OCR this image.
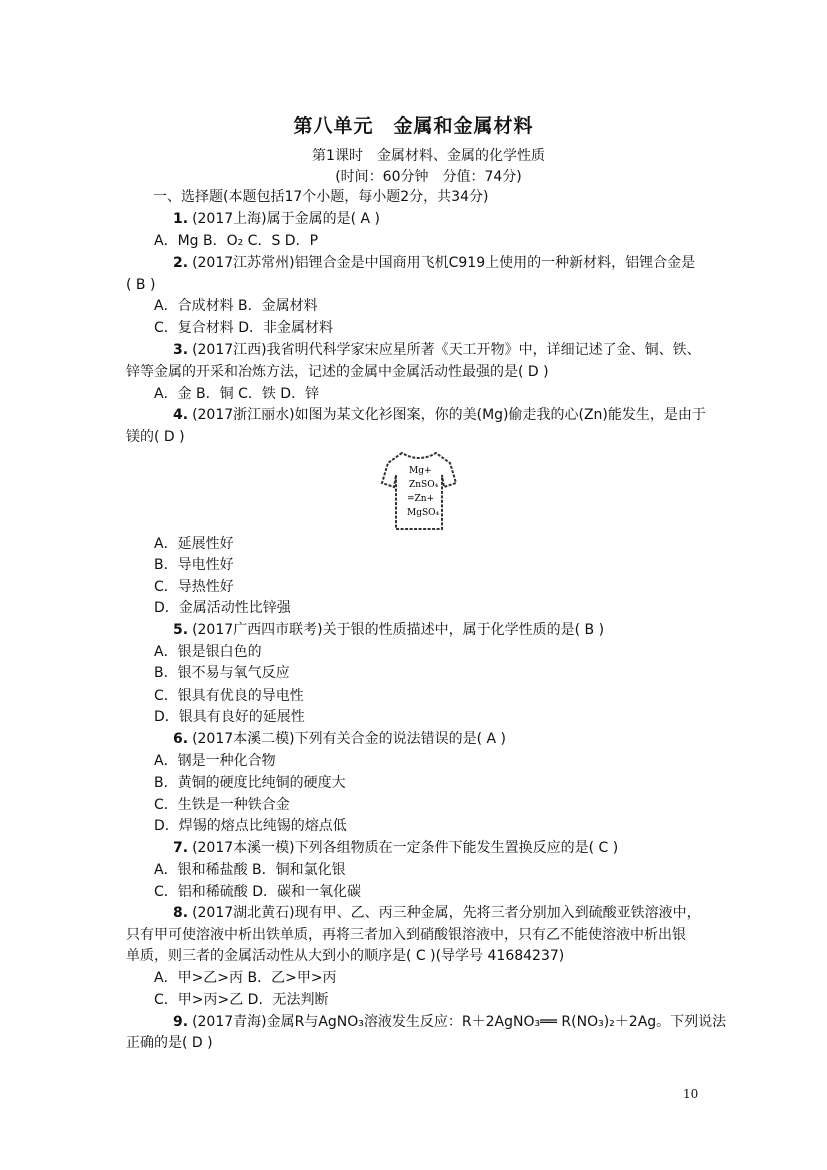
第八单元　金属和金属材料
第1课时　金属材料、金属的化学性质
(时间：60分钟　分值：74分)
一、选择题(本题包括17个小题，每小题2分，共34分)
1. (2017上海)属于金属的是( A )
A．Mg B．O₂ C．S D．P
2. (2017江苏常州)铝锂合金是中国商用飞机C919上使用的一种新材料，铝锂合金是
( B )
A．合成材料 B．金属材料
C．复合材料 D．非金属材料
3. (2017江西)我省明代科学家宋应星所著《天工开物》中，详细记述了金、铜、铁、
锌等金属的开采和冶炼方法，记述的金属中金属活动性最强的是( D )
A．金 B．铜 C．铁 D．锌
4. (2017浙江丽水)如图为某文化衫图案，你的美(Mg)偷走我的心(Zn)能发生，是由于
镁的( D )
A．延展性好
B．导电性好
C．导热性好
D．金属活动性比锌强
5. (2017广西四市联考)关于银的性质描述中，属于化学性质的是( B )
A．银是银白色的
B．银不易与氧气反应
C．银具有优良的导电性
D．银具有良好的延展性
6. (2017本溪二模)下列有关合金的说法错误的是( A )
A．钢是一种化合物
B．黄铜的硬度比纯铜的硬度大
C．生铁是一种铁合金
D．焊锡的熔点比纯锡的熔点低
7. (2017本溪一模)下列各组物质在一定条件下能发生置换反应的是( C )
A．银和稀盐酸 B．铜和氯化银
C．铝和稀硫酸 D．碳和一氧化碳
8. (2017湖北黄石)现有甲、乙、丙三种金属，先将三者分别加入到硫酸亚铁溶液中，
只有甲可使溶液中析出铁单质，再将三者加入到硝酸银溶液中，只有乙不能使溶液中析出银
单质，则三者的金属活动性从大到小的顺序是( C )(导学号 41684237)
A．甲>乙>丙 B．乙>甲>丙
C．甲>丙>乙 D．无法判断
9. (2017青海)金属R与AgNO₃溶液发生反应：R＋2AgNO₃══ R(NO₃)₂＋2Ag。下列说法
正确的是( D )
Mg+
ZnSO₄
=Zn+
MgSO₄
10
